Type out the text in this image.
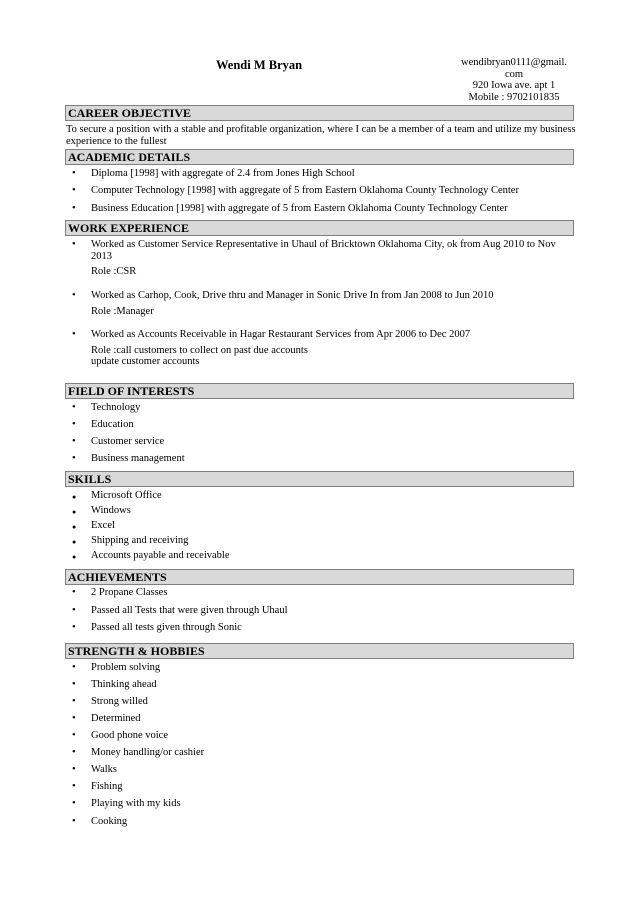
Wendi M Bryan	wendibryan0111@gmail.
com
920 Iowa ave. apt 1
Mobile : 9702101835
CAREER OBJECTIVE
To secure a position with a stable and profitable organization, where I can be a member of a team and utilize my business experience to the fullest
ACADEMIC DETAILS
• Diploma [1998] with aggregate of 2.4 from Jones High School
• Computer Technology [1998] with aggregate of 5 from Eastern Oklahoma County Technology Center
• Business Education [1998] with aggregate of 5 from Eastern Oklahoma County Technology Center
WORK EXPERIENCE
• Worked as Customer Service Representative in Uhaul of Bricktown Oklahoma City, ok from Aug 2010 to Nov 2013
Role :CSR
• Worked as Carhop, Cook, Drive thru and Manager in Sonic Drive In from Jan 2008 to Jun 2010
Role :Manager
• Worked as Accounts Receivable in Hagar Restaurant Services from Apr 2006 to Dec 2007
Role :call customers to collect on past due accounts
update customer accounts
FIELD OF INTERESTS
• Technology
• Education
• Customer service
• Business management
SKILLS
● Microsoft Office
● Windows
● Excel
● Shipping and receiving
● Accounts payable and receivable
ACHIEVEMENTS
• 2 Propane Classes
• Passed all Tests that were given through Uhaul
• Passed all tests given through Sonic
STRENGTH & HOBBIES
• Problem solving
• Thinking ahead
• Strong willed
• Determined
• Good phone voice
• Money handling/or cashier
• Walks
• Fishing
• Playing with my kids
• Cooking
